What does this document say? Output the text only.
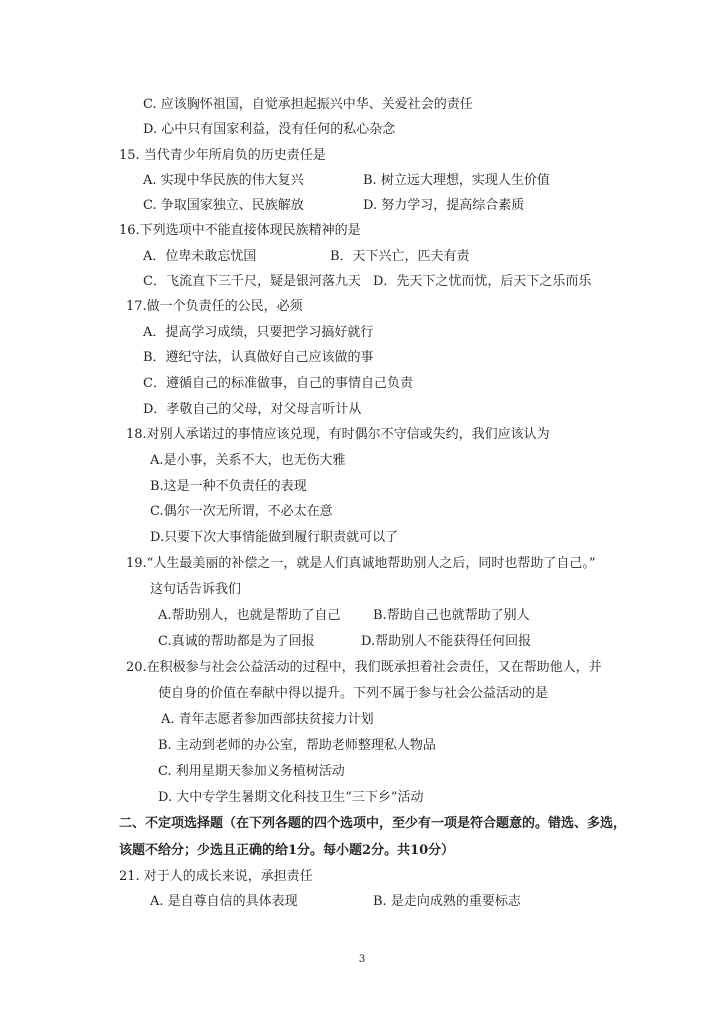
C. 应该胸怀祖国，自觉承担起振兴中华、关爱社会的责任
D. 心中只有国家利益，没有任何的私心杂念
15. 当代青少年所肩负的历史责任是
A. 实现中华民族的伟大复兴	B. 树立远大理想，实现人生价值
C. 争取国家独立、民族解放	D. 努力学习，提高综合素质
16.下列选项中不能直接体现民族精神的是
A．位卑未敢忘忧国	B．天下兴亡，匹夫有责
C．飞流直下三千尺，疑是银河落九天 D．先天下之忧而忧，后天下之乐而乐
17.做一个负责任的公民，必须
A．提高学习成绩，只要把学习搞好就行
B．遵纪守法，认真做好自己应该做的事
C．遵循自己的标准做事，自己的事情自己负责
D．孝敬自己的父母，对父母言听计从
18.对别人承诺过的事情应该兑现，有时偶尔不守信或失约，我们应该认为
A.是小事，关系不大，也无伤大雅
B.这是一种不负责任的表现
C.偶尔一次无所谓，不必太在意
D.只要下次大事情能做到履行职责就可以了
19.“人生最美丽的补偿之一，就是人们真诚地帮助别人之后，同时也帮助了自己。”
这句话告诉我们
A.帮助别人，也就是帮助了自己 B.帮助自己也就帮助了别人
C.真诚的帮助都是为了回报	D.帮助别人不能获得任何回报
20.在积极参与社会公益活动的过程中，我们既承担着社会责任，又在帮助他人，并
使自身的价值在奉献中得以提升。下列不属于参与社会公益活动的是
A. 青年志愿者参加西部扶贫接力计划
B. 主动到老师的办公室，帮助老师整理私人物品
C. 利用星期天参加义务植树活动
D. 大中专学生暑期文化科技卫生“三下乡”活动
二、不定项选择题（在下列各题的四个选项中，至少有一项是符合题意的。错选、多选，
该题不给分；少选且正确的给1分。每小题2分。共10分）
21. 对于人的成长来说，承担责任
A. 是自尊自信的具体表现	B. 是走向成熟的重要标志
3
